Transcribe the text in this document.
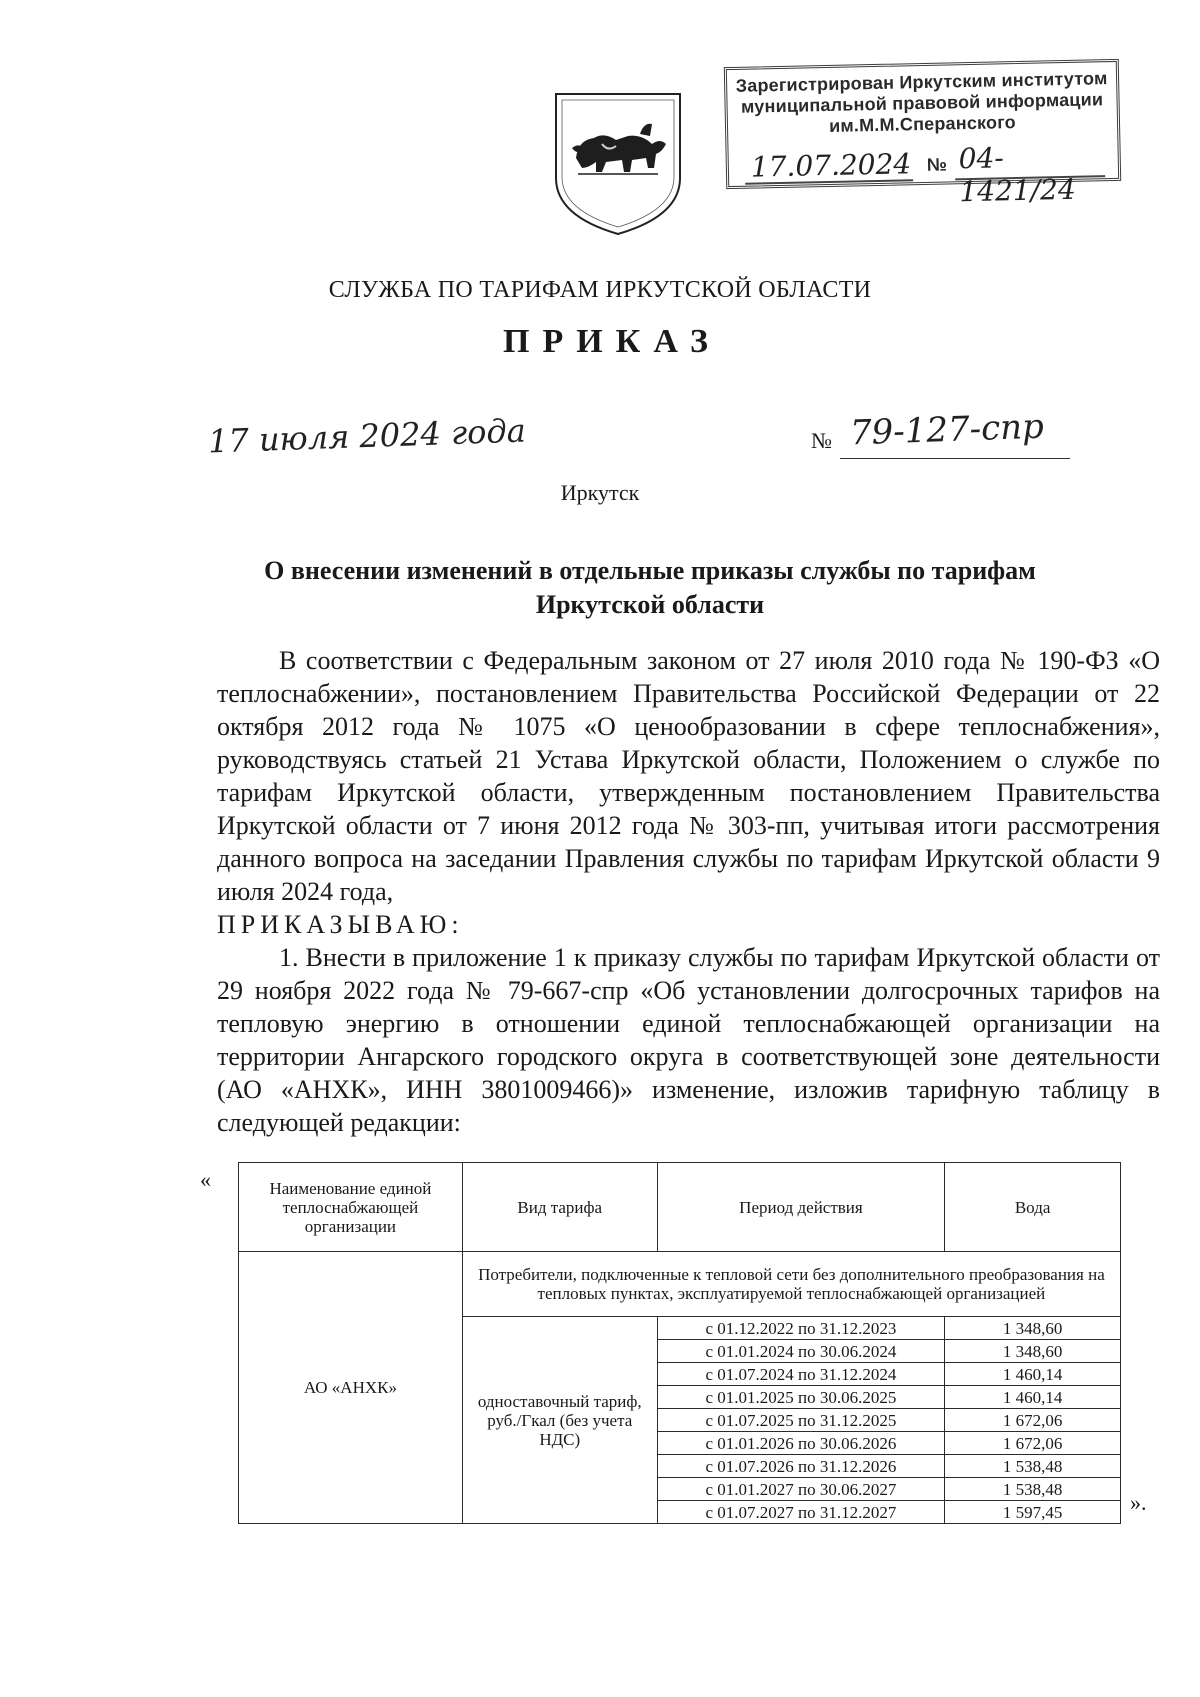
Зарегистрирован Иркутским институтом
муниципальной правовой информации
им.М.М.Сперанского
17.07.2024 № 04-1421/24
СЛУЖБА ПО ТАРИФАМ ИРКУТСКОЙ ОБЛАСТИ
ПРИКАЗ
17 июля 2024 года	№ 79-127-спр
Иркутск
О внесении изменений в отдельные приказы службы по тарифам Иркутской области

В соответствии с Федеральным законом от 27 июля 2010 года № 190-ФЗ «О теплоснабжении», постановлением Правительства Российской Федерации от 22 октября 2012 года № 1075 «О ценообразовании в сфере теплоснабжения», руководствуясь статьей 21 Устава Иркутской области, Положением о службе по тарифам Иркутской области, утвержденным постановлением Правительства Иркутской области от 7 июня 2012 года № 303-пп, учитывая итоги рассмотрения данного вопроса на заседании Правления службы по тарифам Иркутской области 9 июля 2024 года,

ПРИКАЗЫВАЮ:

1. Внести в приложение 1 к приказу службы по тарифам Иркутской области от 29 ноября 2022 года № 79-667-спр «Об установлении долгосрочных тарифов на тепловую энергию в отношении единой теплоснабжающей организации на территории Ангарского городского округа в соответствующей зоне деятельности (АО «АНХК», ИНН 3801009466)» изменение, изложив тарифную таблицу в следующей редакции:

«	Наименование единой теплоснабжающей организации	Вид тарифа	Период действия	Вода
АО «АНХК»	Потребители, подключенные к тепловой сети без дополнительного преобразования на тепловых пунктах, эксплуатируемой теплоснабжающей организацией		
	одноставочный тариф, руб./Гкал (без учета НДС)	с 01.12.2022 по 31.12.2023	1 348,60
		с 01.01.2024 по 30.06.2024	1 348,60
		с 01.07.2024 по 31.12.2024	1 460,14
		с 01.01.2025 по 30.06.2025	1 460,14
		с 01.07.2025 по 31.12.2025	1 672,06
		с 01.01.2026 по 30.06.2026	1 672,06
		с 01.07.2026 по 31.12.2026	1 538,48
		с 01.01.2027 по 30.06.2027	1 538,48
		с 01.07.2027 по 31.12.2027	1 597,45	».
